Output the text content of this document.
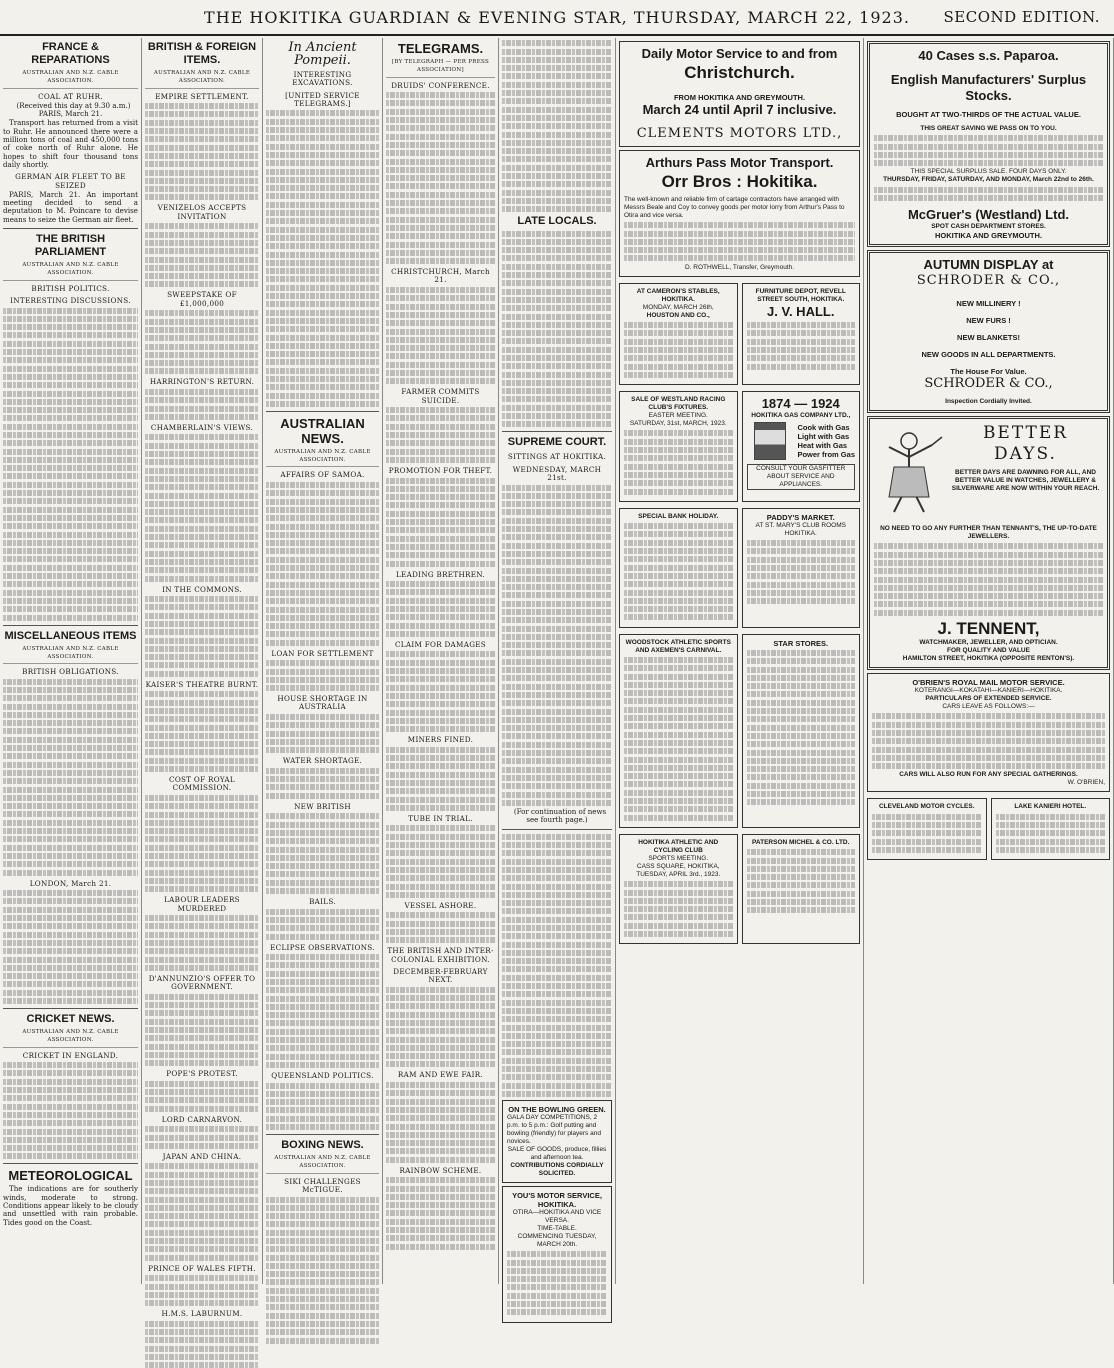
THE HOKITIKA GUARDIAN & EVENING STAR, THURSDAY, MARCH 22, 1923.	SECOND EDITION.
FRANCE & REPARATIONS
AUSTRALIAN AND N.Z. CABLE ASSOCIATION.
COAL AT RUHR.
(Received this day at 9.30 a.m.) PARIS, March 21.
Transport has returned from a visit to Ruhr. He announced there were a million tons of coal and 450,000 tons of coke north of Ruhr alone. He hopes to shift four thousand tons daily shortly.
GERMAN AIR FLEET TO BE SEIZED
PARIS, March 21. An important meeting decided to send a deputation to M. Poincare to devise means to seize the German air fleet.
THE BRITISH PARLIAMENT
AUSTRALIAN AND N.Z. CABLE ASSOCIATION.
BRITISH POLITICS.
INTERESTING DISCUSSIONS.
MISCELLANEOUS ITEMS
AUSTRALIAN AND N.Z. CABLE ASSOCIATION.
BRITISH OBLIGATIONS.
LONDON, March 21.
CRICKET NEWS.
AUSTRALIAN AND N.Z. CABLE ASSOCIATION.
CRICKET IN ENGLAND.
METEOROLOGICAL
The indications are for southerly winds, moderate to strong. Conditions appear likely to be cloudy and unsettled with rain probable. Tides good on the Coast.
BRITISH & FOREIGN ITEMS.
AUSTRALIAN AND N.Z. CABLE ASSOCIATION.
EMPIRE SETTLEMENT.
VENIZELOS ACCEPTS INVITATION
SWEEPSTAKE OF £1,000,000
HARRINGTON'S RETURN.
CHAMBERLAIN'S VIEWS.
IN THE COMMONS.
KAISER'S THEATRE BURNT.
COST OF ROYAL COMMISSION.
LABOUR LEADERS MURDERED
D'ANNUNZIO'S OFFER TO GOVERNMENT.
POPE'S PROTEST.
LORD CARNARVON.
JAPAN AND CHINA.
PRINCE OF WALES FIFTH.
H.M.S. LABURNUM.
In Ancient Pompeii.
INTERESTING EXCAVATIONS.
[UNITED SERVICE TELEGRAMS.]
AUSTRALIAN NEWS.
AUSTRALIAN AND N.Z. CABLE ASSOCIATION.
AFFAIRS OF SAMOA.
LOAN FOR SETTLEMENT
HOUSE SHORTAGE IN AUSTRALIA
WATER SHORTAGE.
NEW BRITISH
BAILS.
ECLIPSE OBSERVATIONS.
QUEENSLAND POLITICS.
BOXING NEWS.
AUSTRALIAN AND N.Z. CABLE ASSOCIATION.
SIKI CHALLENGES McTIGUE.
TELEGRAMS.
[BY TELEGRAPH — PER PRESS ASSOCIATION]
DRUIDS' CONFERENCE.
CHRISTCHURCH, March 21.
FARMER COMMITS SUICIDE.
PROMOTION FOR THEFT.
LEADING BRETHREN.
CLAIM FOR DAMAGES
MINERS FINED.
TUBE IN TRIAL.
VESSEL ASHORE.
THE BRITISH AND INTER-COLONIAL EXHIBITION.
DECEMBER-FEBRUARY NEXT.
RAM AND EWE FAIR.
RAINBOW SCHEME.
LATE LOCALS.
SUPREME COURT.
SITTINGS AT HOKITIKA.
WEDNESDAY, MARCH 21st.
(For continuation of news see fourth page.)
ON THE BOWLING GREEN.
GALA DAY COMPETITIONS, 2 p.m. to 5 p.m.: Golf putting and bowling (friendly) for players and novices.
SALE OF GOODS, produce, fillies and afternoon tea.
CONTRIBUTIONS CORDIALLY SOLICITED.
YOU'S MOTOR SERVICE, HOKITIKA.
OTIRA—HOKITIKA AND VICE VERSA.
TIME-TABLE.
COMMENCING TUESDAY, MARCH 20th.
Daily Motor Service to and from
Christchurch.
FROM HOKITIKA AND GREYMOUTH.
March 24 until April 7 inclusive.
CLEMENTS MOTORS LTD.,
Arthurs Pass Motor Transport.
Orr Bros : Hokitika.
The well-known and reliable firm of cartage contractors have arranged with Messrs Beale and Coy to convey goods per motor lorry from Arthur's Pass to Otira and vice versa.
D. ROTHWELL, Transfer, Greymouth.
AT CAMERON'S STABLES, HOKITIKA.
MONDAY, MARCH 26th,
HOUSTON AND CO.,
FURNITURE DEPOT, REVELL STREET SOUTH, HOKITIKA.
J. V. HALL.
SALE OF WESTLAND RACING CLUB'S FIXTURES.
EASTER MEETING.
SATURDAY, 31st, MARCH, 1923.
1874 — 1924
HOKITIKA GAS COMPANY LTD.,
Cook with Gas
Light with Gas
Heat with Gas
Power from Gas
CONSULT YOUR GASFITTER ABOUT SERVICE AND APPLIANCES.
SPECIAL BANK HOLIDAY.	PADDY'S MARKET.
AT ST. MARY'S CLUB ROOMS HOKITIKA.
WOODSTOCK ATHLETIC SPORTS AND AXEMEN'S CARNIVAL.
STAR STORES.
HOKITIKA ATHLETIC AND CYCLING CLUB
SPORTS MEETING.
CASS SQUARE, HOKITIKA,
TUESDAY, APRIL 3rd., 1923.
PATERSON MICHEL & CO. LTD.
40 Cases s.s. Paparoa.
English Manufacturers' Surplus
Stocks.
BOUGHT AT TWO-THIRDS OF THE ACTUAL VALUE.
THIS GREAT SAVING WE PASS ON TO YOU.
THIS SPECIAL SURPLUS SALE. FOUR DAYS ONLY.
THURSDAY, FRIDAY, SATURDAY, AND MONDAY, March 22nd to 26th.
McGruer's (Westland) Ltd.
SPOT CASH DEPARTMENT STORES.
HOKITIKA AND GREYMOUTH.
AUTUMN DISPLAY at
SCHRODER & CO.,
NEW MILLINERY !
NEW FURS !
NEW BLANKETS!
NEW GOODS IN ALL DEPARTMENTS.
The House For Value.
SCHRODER & CO.,
Inspection Cordially Invited.
BETTER
DAYS.
BETTER DAYS ARE DAWNING FOR ALL, AND BETTER VALUE IN WATCHES, JEWELLERY & SILVERWARE ARE NOW WITHIN YOUR REACH.
NO NEED TO GO ANY FURTHER THAN TENNANT'S, THE UP-TO-DATE JEWELLERS.
J. TENNENT,
WATCHMAKER, JEWELLER, AND OPTICIAN.
FOR QUALITY AND VALUE
HAMILTON STREET, HOKITIKA (OPPOSITE RENTON'S).
O'BRIEN'S ROYAL MAIL MOTOR SERVICE.
KOTERANGI—KOKATAHI—KANIERI—HOKITIKA.
PARTICULARS OF EXTENDED SERVICE.
CARS LEAVE AS FOLLOWS:—
CARS WILL ALSO RUN FOR ANY SPECIAL GATHERINGS.
W. O'BRIEN,
CLEVELAND MOTOR CYCLES.	LAKE KANIERI HOTEL.
